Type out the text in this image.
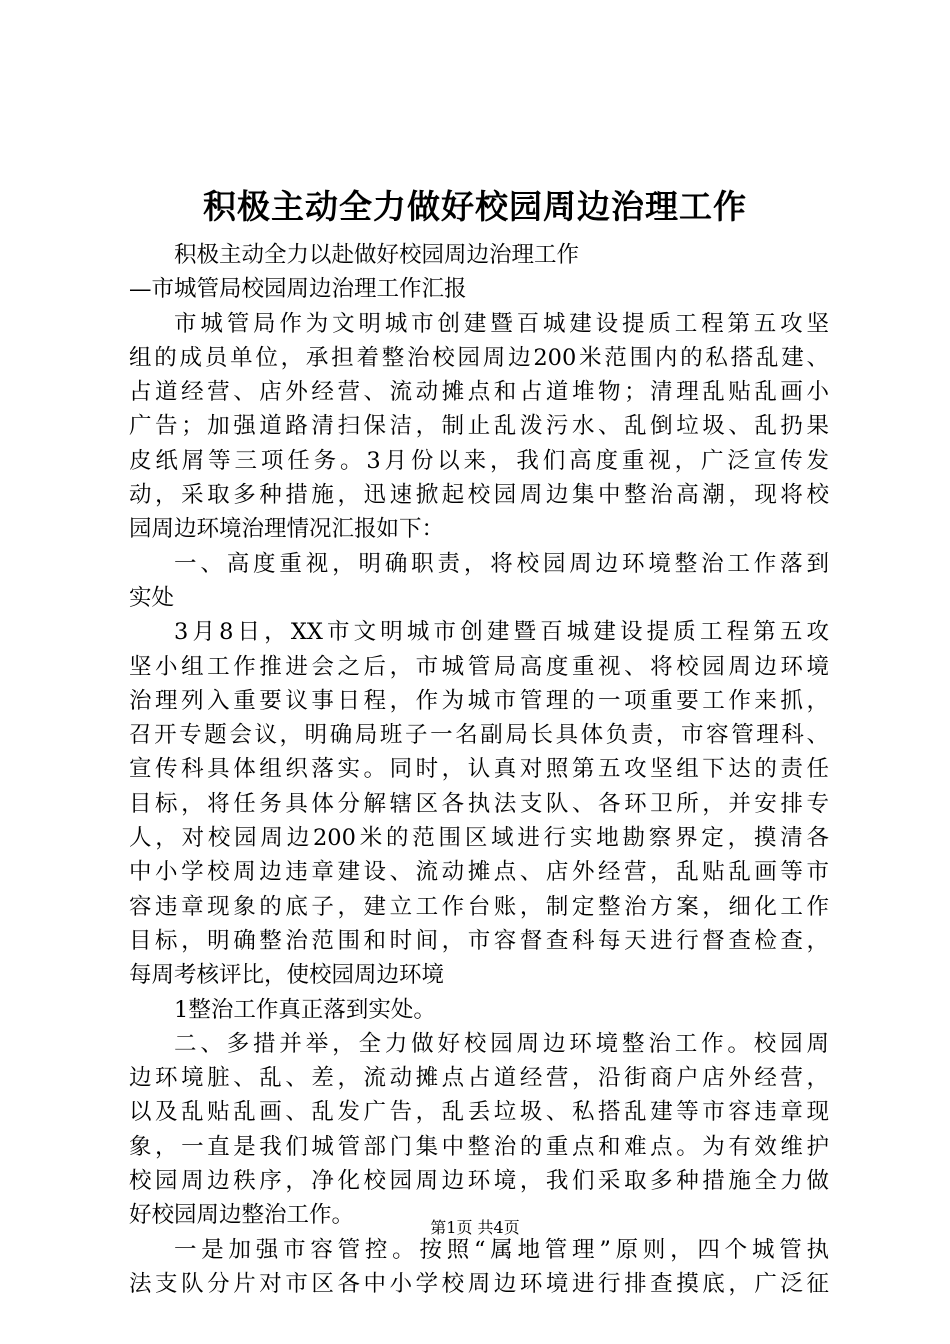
积极主动全力做好校园周边治理工作
积极主动全力以赴做好校园周边治理工作
—市城管局校园周边治理工作汇报
市城管局作为文明城市创建暨百城建设提质工程第五攻坚
组的成员单位，承担着整治校园周边200米范围内的私搭乱建、
占道经营、店外经营、流动摊点和占道堆物；清理乱贴乱画小
广告；加强道路清扫保洁，制止乱泼污水、乱倒垃圾、乱扔果
皮纸屑等三项任务。3月份以来，我们高度重视，广泛宣传发
动，采取多种措施，迅速掀起校园周边集中整治高潮，现将校
园周边环境治理情况汇报如下：
一、高度重视，明确职责，将校园周边环境整治工作落到
实处
3月8日，XX市文明城市创建暨百城建设提质工程第五攻
坚小组工作推进会之后，市城管局高度重视、将校园周边环境
治理列入重要议事日程，作为城市管理的一项重要工作来抓，
召开专题会议，明确局班子一名副局长具体负责，市容管理科、
宣传科具体组织落实。同时，认真对照第五攻坚组下达的责任
目标，将任务具体分解辖区各执法支队、各环卫所，并安排专
人，对校园周边200米的范围区域进行实地勘察界定，摸清各
中小学校周边违章建设、流动摊点、店外经营，乱贴乱画等市
容违章现象的底子，建立工作台账，制定整治方案，细化工作
目标，明确整治范围和时间，市容督查科每天进行督查检查，
每周考核评比，使校园周边环境
1整治工作真正落到实处。
二、多措并举，全力做好校园周边环境整治工作。校园周
边环境脏、乱、差，流动摊点占道经营，沿街商户店外经营，
以及乱贴乱画、乱发广告，乱丢垃圾、私搭乱建等市容违章现
象，一直是我们城管部门集中整治的重点和难点。为有效维护
校园周边秩序，净化校园周边环境，我们采取多种措施全力做
好校园周边整治工作。
一是加强市容管控。按照“属地管理”原则，四个城管执
法支队分片对市区各中小学校周边环境进行排查摸底，广泛征
第1页 共4页
